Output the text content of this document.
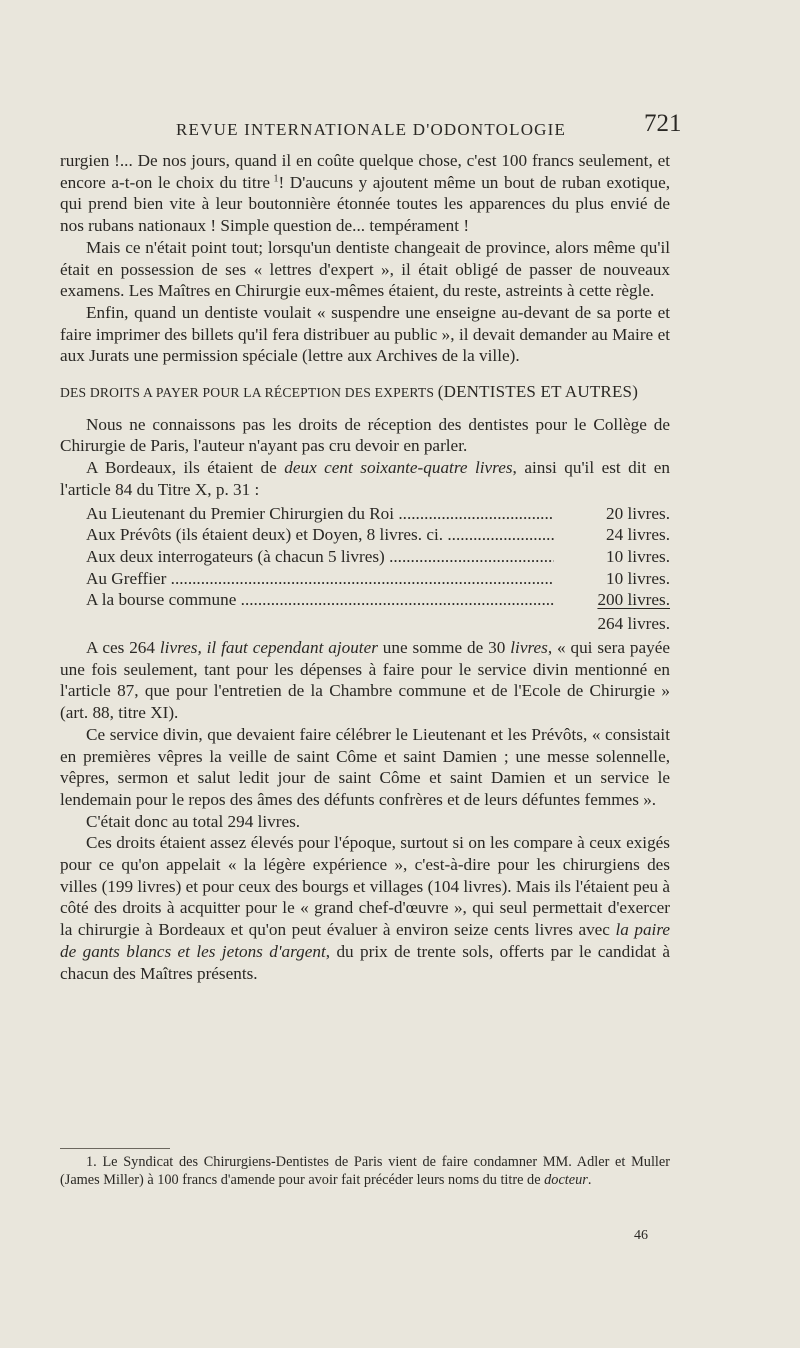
REVUE INTERNATIONALE D'ODONTOLOGIE	721

rurgien !... De nos jours, quand il en coûte quelque chose, c'est 100 francs seulement, et encore a-t-on le choix du titre  $^1$! D'aucuns y ajoutent même un bout de ruban exotique, qui prend bien vite à leur boutonnière étonnée toutes les apparences du plus envié de nos rubans nationaux ! Simple question de... tempérament !

Mais ce n'était point tout; lorsqu'un dentiste changeait de province, alors même qu'il était en possession de ses « lettres d'expert », il était obligé de passer de nouveaux examens. Les Maîtres en Chirurgie eux-mêmes étaient, du reste, astreints à cette règle.

Enfin, quand un dentiste voulait « suspendre une enseigne au-devant de sa porte et faire imprimer des billets qu'il fera distribuer au public », il devait demander au Maire et aux Jurats une permission spéciale (lettre aux Archives de la ville).

DES DROITS A PAYER POUR LA RÉCEPTION DES EXPERTS (DENTISTES ET AUTRES)

Nous ne connaissons pas les droits de réception des dentistes pour le Collège de Chirurgie de Paris, l'auteur n'ayant pas cru devoir en parler.

A Bordeaux, ils étaient de deux cent soixante-quatre livres, ainsi qu'il est dit en l'article 84 du Titre X, p. 31 :

Au Lieutenant du Premier Chirurgien du Roi .....	20 livres.
Aux Prévôts (ils étaient deux) et Doyen, 8 livres. ci. .....	24 livres.
Aux deux interrogateurs (à chacun 5 livres) .....	10 livres.
Au Greffier .....	10 livres.
A la bourse commune .....	200 livres.
264 livres.

A ces 264 livres, il faut cependant ajouter une somme de 30 livres, « qui sera payée une fois seulement, tant pour les dépenses à faire pour le service divin mentionné en l'article 87, que pour l'entretien de la Chambre commune et de l'Ecole de Chirurgie » (art. 88, titre XI).

Ce service divin, que devaient faire célébrer le Lieutenant et les Prévôts, « consistait en premières vêpres la veille de saint Côme et saint Damien ; une messe solennelle, vêpres, sermon et salut ledit jour de saint Côme et saint Damien et un service le lendemain pour le repos des âmes des défunts confrères et de leurs défuntes femmes ».

C'était donc au total 294 livres.

Ces droits étaient assez élevés pour l'époque, surtout si on les compare à ceux exigés pour ce qu'on appelait « la légère expérience », c'est-à-dire pour les chirurgiens des villes (199 livres) et pour ceux des bourgs et villages (104 livres). Mais ils l'étaient peu à côté des droits à acquitter pour le « grand chef-d'œuvre », qui seul permettait d'exercer la chirurgie à Bordeaux et qu'on peut évaluer à environ seize cents livres avec la paire de gants blancs et les jetons d'argent, du prix de trente sols, offerts par le candidat à chacun des Maîtres présents.

1. Le Syndicat des Chirurgiens-Dentistes de Paris vient de faire condamner MM. Adler et Muller (James Miller) à 100 francs d'amende pour avoir fait précéder leurs noms du titre de docteur.

46
